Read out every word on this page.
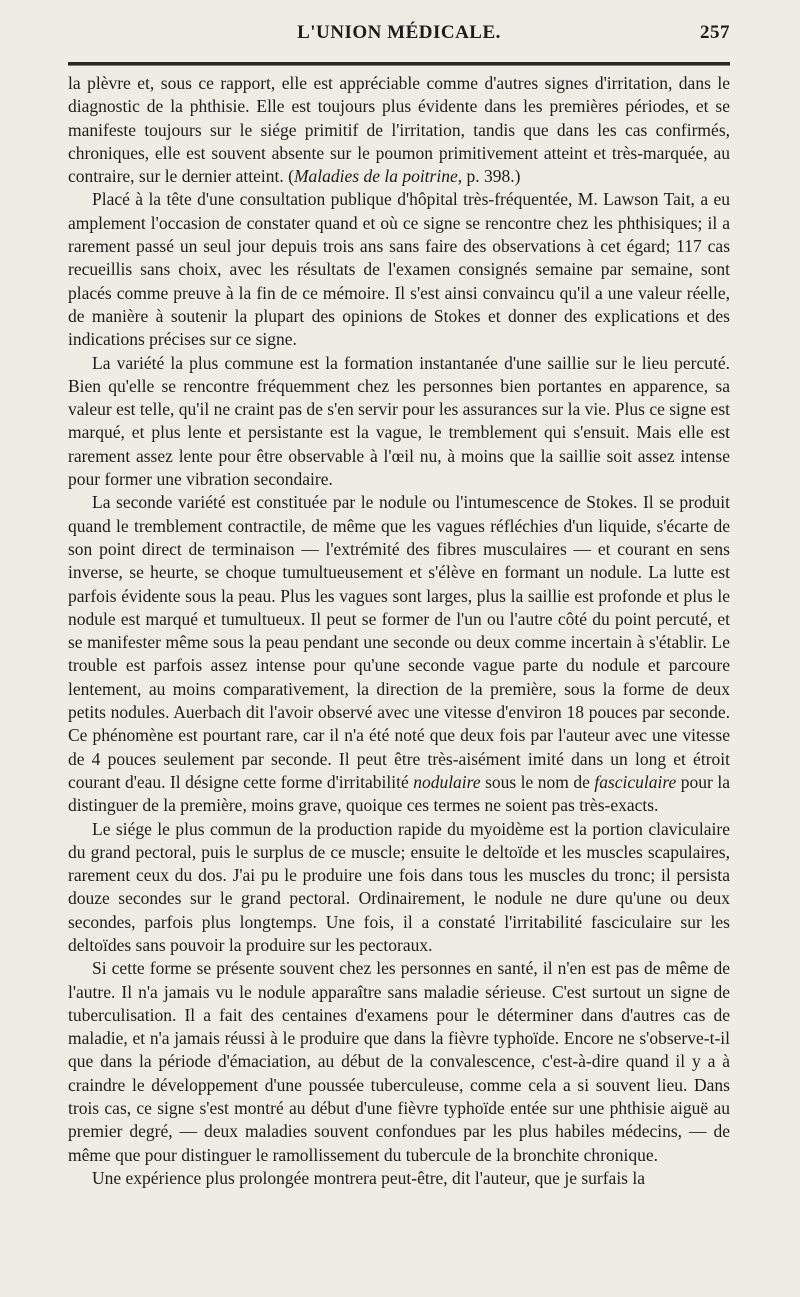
L'UNION MÉDICALE.	257

la plèvre et, sous ce rapport, elle est appréciable comme d'autres signes d'irritation, dans le diagnostic de la phthisie. Elle est toujours plus évidente dans les premières périodes, et se manifeste toujours sur le siége primitif de l'irritation, tandis que dans les cas confirmés, chroniques, elle est souvent absente sur le poumon primitivement atteint et très-marquée, au contraire, sur le dernier atteint. (Maladies de la poitrine, p. 398.)

Placé à la tête d'une consultation publique d'hôpital très-fréquentée, M. Lawson Tait, a eu amplement l'occasion de constater quand et où ce signe se rencontre chez les phthisiques; il a rarement passé un seul jour depuis trois ans sans faire des observations à cet égard; 117 cas recueillis sans choix, avec les résultats de l'examen consignés semaine par semaine, sont placés comme preuve à la fin de ce mémoire. Il s'est ainsi convaincu qu'il a une valeur réelle, de manière à soutenir la plupart des opinions de Stokes et donner des explications et des indications précises sur ce signe.

La variété la plus commune est la formation instantanée d'une saillie sur le lieu percuté. Bien qu'elle se rencontre fréquemment chez les personnes bien portantes en apparence, sa valeur est telle, qu'il ne craint pas de s'en servir pour les assurances sur la vie. Plus ce signe est marqué, et plus lente et persistante est la vague, le tremblement qui s'ensuit. Mais elle est rarement assez lente pour être observable à l'œil nu, à moins que la saillie soit assez intense pour former une vibration secondaire.

La seconde variété est constituée par le nodule ou l'intumescence de Stokes. Il se produit quand le tremblement contractile, de même que les vagues réfléchies d'un liquide, s'écarte de son point direct de terminaison — l'extrémité des fibres musculaires — et courant en sens inverse, se heurte, se choque tumultueusement et s'élève en formant un nodule. La lutte est parfois évidente sous la peau. Plus les vagues sont larges, plus la saillie est profonde et plus le nodule est marqué et tumultueux. Il peut se former de l'un ou l'autre côté du point percuté, et se manifester même sous la peau pendant une seconde ou deux comme incertain à s'établir. Le trouble est parfois assez intense pour qu'une seconde vague parte du nodule et parcoure lentement, au moins comparativement, la direction de la première, sous la forme de deux petits nodules. Auerbach dit l'avoir observé avec une vitesse d'environ 18 pouces par seconde. Ce phénomène est pourtant rare, car il n'a été noté que deux fois par l'auteur avec une vitesse de 4 pouces seulement par seconde. Il peut être très-aisément imité dans un long et étroit courant d'eau. Il désigne cette forme d'irritabilité nodulaire sous le nom de fasciculaire pour la distinguer de la première, moins grave, quoique ces termes ne soient pas très-exacts.

Le siége le plus commun de la production rapide du myoidème est la portion claviculaire du grand pectoral, puis le surplus de ce muscle; ensuite le deltoïde et les muscles scapulaires, rarement ceux du dos. J'ai pu le produire une fois dans tous les muscles du tronc; il persista douze secondes sur le grand pectoral. Ordinairement, le nodule ne dure qu'une ou deux secondes, parfois plus longtemps. Une fois, il a constaté l'irritabilité fasciculaire sur les deltoïdes sans pouvoir la produire sur les pectoraux.

Si cette forme se présente souvent chez les personnes en santé, il n'en est pas de même de l'autre. Il n'a jamais vu le nodule apparaître sans maladie sérieuse. C'est surtout un signe de tuberculisation. Il a fait des centaines d'examens pour le déterminer dans d'autres cas de maladie, et n'a jamais réussi à le produire que dans la fièvre typhoïde. Encore ne s'observe-t-il que dans la période d'émaciation, au début de la convalescence, c'est-à-dire quand il y a à craindre le développement d'une poussée tuberculeuse, comme cela a si souvent lieu. Dans trois cas, ce signe s'est montré au début d'une fièvre typhoïde entée sur une phthisie aiguë au premier degré, — deux maladies souvent confondues par les plus habiles médecins, — de même que pour distinguer le ramollissement du tubercule de la bronchite chronique.

Une expérience plus prolongée montrera peut-être, dit l'auteur, que je surfais la
